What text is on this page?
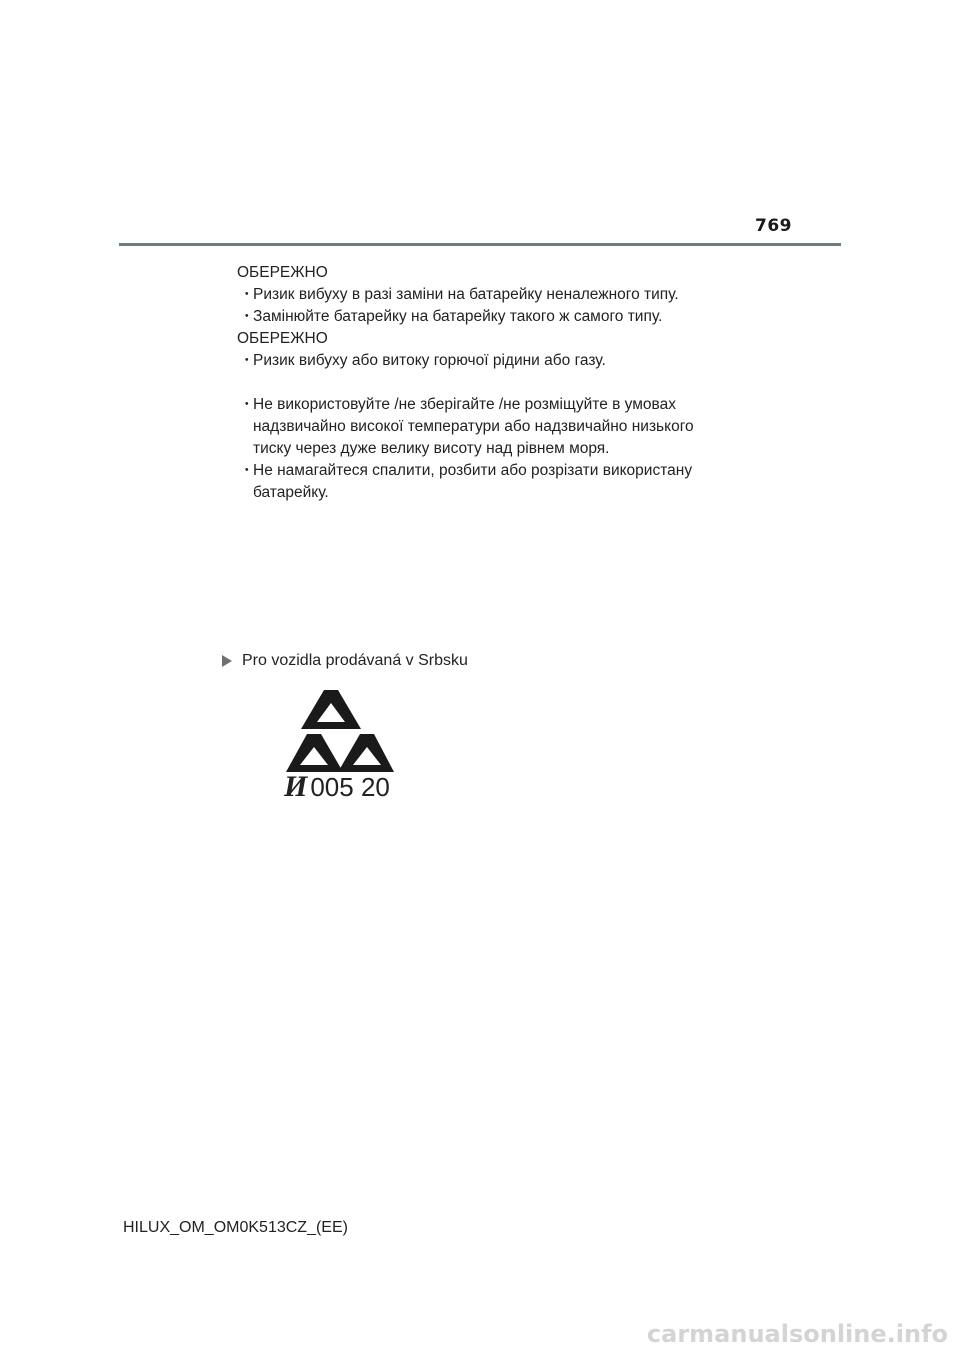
769

ОБЕРЕЖНО

・
Ризик вибуху в разі заміни на батарейку неналежного типу.

・
Замінюйте батарейку на батарейку такого ж самого типу.

ОБЕРЕЖНО

・
Ризик вибуху або витоку горючої рідини або газу.

・
Не використовуйте /не зберігайте /не розміщуйте в умовах
надзвичайно високої температури або надзвичайно низького
тиску через дуже велику висоту над рівнем моря.
・
Не намагайтеся спалити, розбити або розрізати використану
батарейку.
Pro vozidla prodávaná v Srbsku
И 005 20
HILUX_OM_OM0K513CZ_(EE)
carmanualsonline.info
